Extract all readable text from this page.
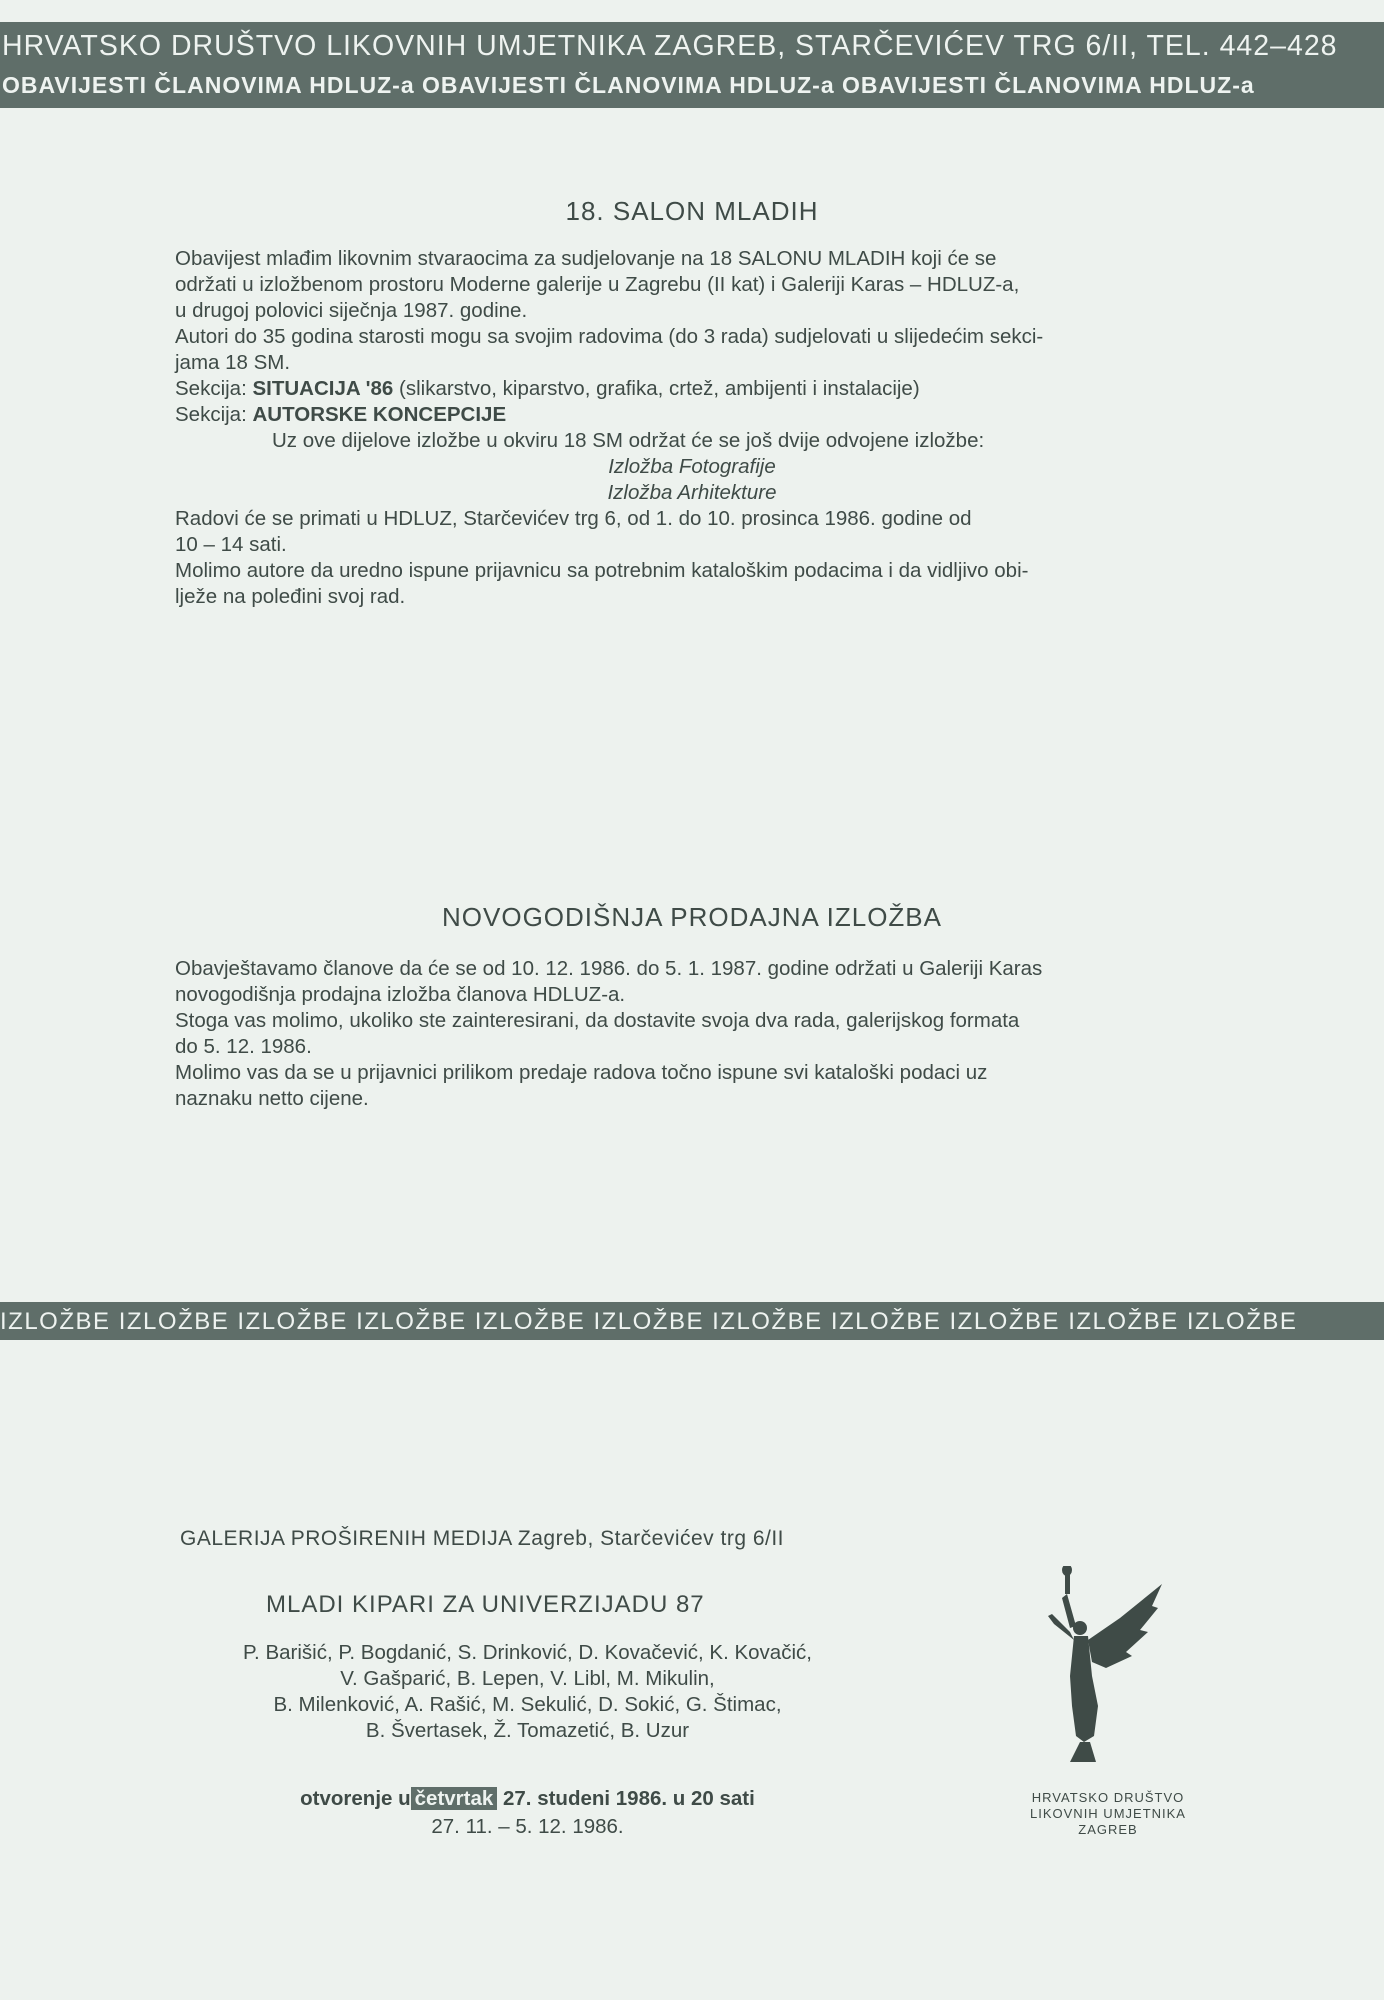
HRVATSKO DRUŠTVO LIKOVNIH UMJETNIKA ZAGREB, STARČEVIĆEV TRG 6/II, TEL. 442–428
OBAVIJESTI ČLANOVIMA HDLUZ-a OBAVIJESTI ČLANOVIMA HDLUZ-a OBAVIJESTI ČLANOVIMA HDLUZ-a
18. SALON MLADIH
Obavijest mlađim likovnim stvaraocima za sudjelovanje na 18 SALONU MLADIH koji će se
održati u izložbenom prostoru Moderne galerije u Zagrebu (II kat) i Galeriji Karas – HDLUZ-a,
u drugoj polovici siječnja 1987. godine.
Autori do 35 godina starosti mogu sa svojim radovima (do 3 rada) sudjelovati u slijedećim sekci-
jama 18 SM.
Sekcija: SITUACIJA '86 (slikarstvo, kiparstvo, grafika, crtež, ambijenti i instalacije)
Sekcija: AUTORSKE KONCEPCIJE
Uz ove dijelove izložbe u okviru 18 SM održat će se još dvije odvojene izložbe:
Izložba Fotografije
Izložba Arhitekture
Radovi će se primati u HDLUZ, Starčevićev trg 6, od 1. do 10. prosinca 1986. godine od
10 – 14 sati.
Molimo autore da uredno ispune prijavnicu sa potrebnim kataloškim podacima i da vidljivo obi-
lježe na poleđini svoj rad.
NOVOGODIŠNJA PRODAJNA IZLOŽBA
Obavještavamo članove da će se od 10. 12. 1986. do 5. 1. 1987. godine održati u Galeriji Karas
novogodišnja prodajna izložba članova HDLUZ-a.
Stoga vas molimo, ukoliko ste zainteresirani, da dostavite svoja dva rada, galerijskog formata
do 5. 12. 1986.
Molimo vas da se u prijavnici prilikom predaje radova točno ispune svi kataloški podaci uz
naznaku netto cijene.
IZLOŽBE IZLOŽBE IZLOŽBE IZLOŽBE IZLOŽBE IZLOŽBE IZLOŽBE IZLOŽBE IZLOŽBE IZLOŽBE IZLOŽBE
GALERIJA PROŠIRENIH MEDIJA Zagreb, Starčevićev trg 6/II
MLADI KIPARI ZA UNIVERZIJADU 87
P. Barišić, P. Bogdanić, S. Drinković, D. Kovačević, K. Kovačić,
V. Gašparić, B. Lepen, V. Libl, M. Mikulin,
B. Milenković, A. Rašić, M. Sekulić, D. Sokić, G. Štimac,
B. Švertasek, Ž. Tomazetić, B. Uzur
otvorenje u četvrtak 27. studeni 1986. u 20 sati
27. 11. – 5. 12. 1986.
HRVATSKO DRUŠTVO
LIKOVNIH UMJETNIKA
ZAGREB
